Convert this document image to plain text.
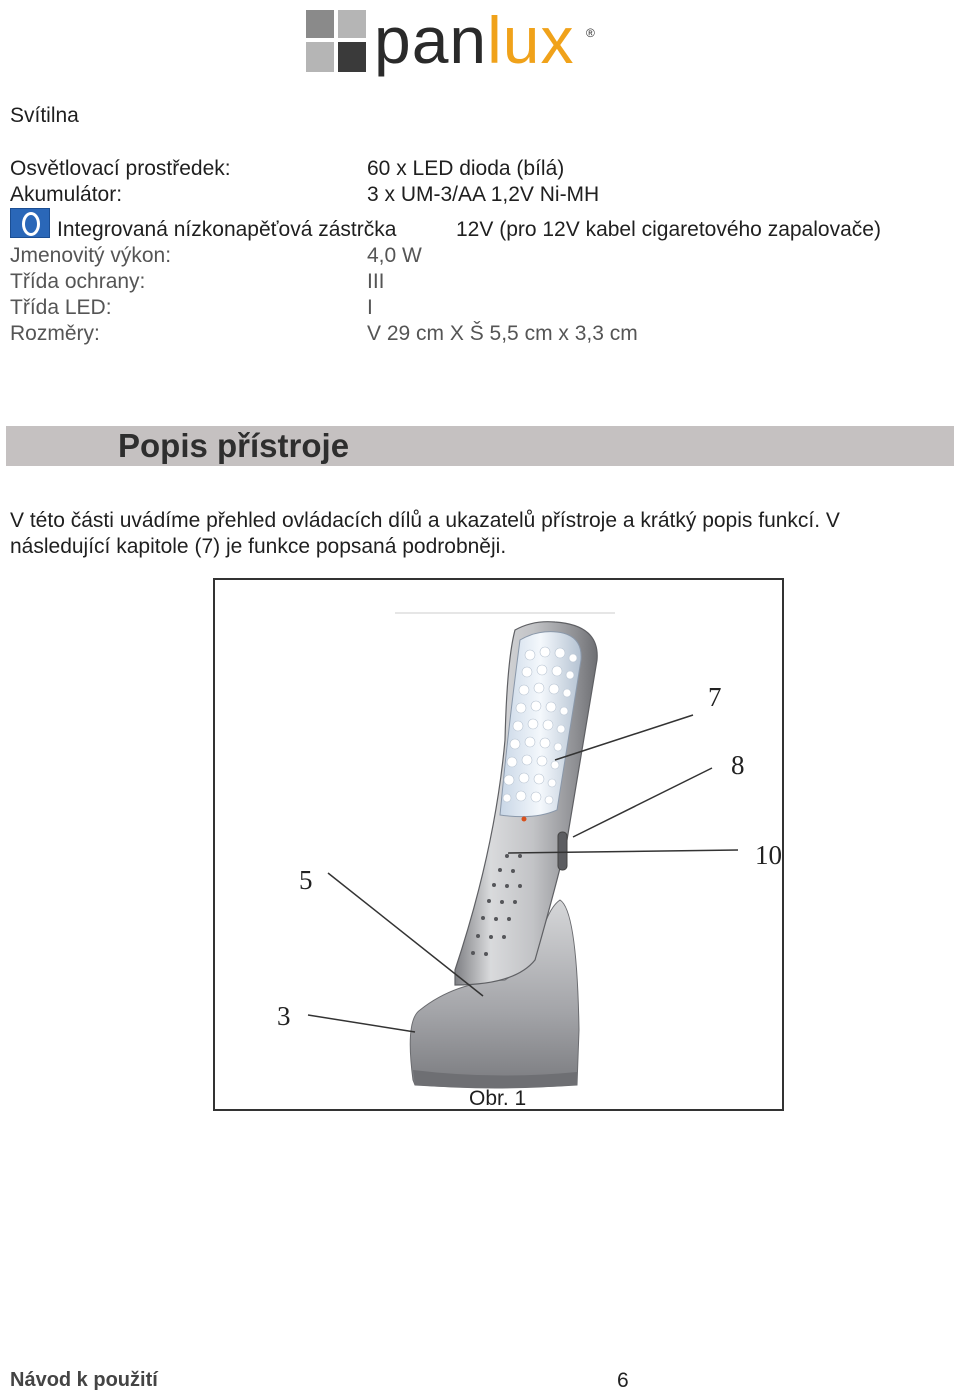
panlux ®
Svítilna
Osvětlovací prostředek:	60 x LED dioda (bílá)
Akumulátor:	3 x UM-3/AA 1,2V Ni-MH
Integrovaná nízkonapěťová zástrčka	12V (pro 12V kabel cigaretového zapalovače)
Jmenovitý výkon:	4,0 W
Třída ochrany:	III
Třída LED:	I
Rozměry:	V 29 cm X Š 5,5 cm x 3,3 cm
Popis přístroje
V této části uvádíme přehled ovládacích dílů a ukazatelů přístroje a krátký popis funkcí. V
následující kapitole (7) je funkce popsaná podrobněji.
7
8
10
5
3
Obr. 1
Návod k použití	6
